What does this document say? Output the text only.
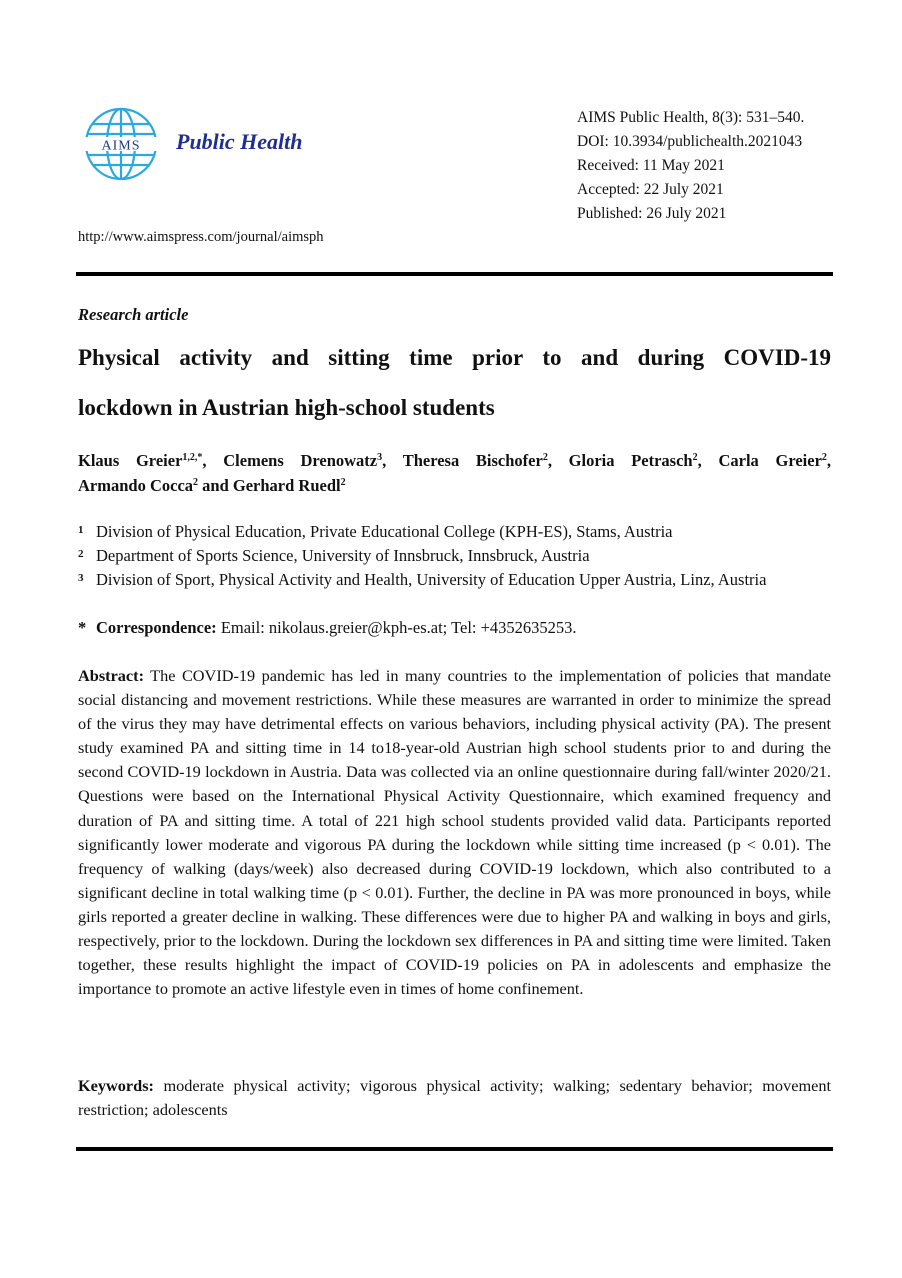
AIMS Public Health
AIMS Public Health, 8(3): 531–540.
DOI: 10.3934/publichealth.2021043
Received: 11 May 2021
Accepted: 22 July 2021
Published: 26 July 2021
http://www.aimspress.com/journal/aimsph
Research article
Physical activity and sitting time prior to and during COVID-19
lockdown in Austrian high-school students
Klaus Greier$^{1,2,*}$, Clemens Drenowatz$^3$, Theresa Bischofer$^2$, Gloria Petrasch$^2$, Carla Greier$^2$,
Armando Cocca$^2$ and Gerhard Ruedl$^2$
1 Division of Physical Education, Private Educational College (KPH-ES), Stams, Austria
2 Department of Sports Science, University of Innsbruck, Innsbruck, Austria
3 Division of Sport, Physical Activity and Health, University of Education Upper Austria, Linz, Austria
* Correspondence: Email: nikolaus.greier@kph-es.at; Tel: +4352635253.
Abstract: The COVID-19 pandemic has led in many countries to the implementation of policies that mandate social distancing and movement restrictions. While these measures are warranted in order to minimize the spread of the virus they may have detrimental effects on various behaviors, including physical activity (PA). The present study examined PA and sitting time in 14 to18-year-old Austrian high school students prior to and during the second COVID-19 lockdown in Austria. Data was collected via an online questionnaire during fall/winter 2020/21. Questions were based on the International Physical Activity Questionnaire, which examined frequency and duration of PA and sitting time. A total of 221 high school students provided valid data. Participants reported significantly lower moderate and vigorous PA during the lockdown while sitting time increased (p < 0.01). The frequency of walking (days/week) also decreased during COVID-19 lockdown, which also contributed to a significant decline in total walking time (p < 0.01). Further, the decline in PA was more pronounced in boys, while girls reported a greater decline in walking. These differences were due to higher PA and walking in boys and girls, respectively, prior to the lockdown. During the lockdown sex differences in PA and sitting time were limited. Taken together, these results highlight the impact of COVID-19 policies on PA in adolescents and emphasize the importance to promote an active lifestyle even in times of home confinement.
Keywords: moderate physical activity; vigorous physical activity; walking; sedentary behavior; movement restriction; adolescents
